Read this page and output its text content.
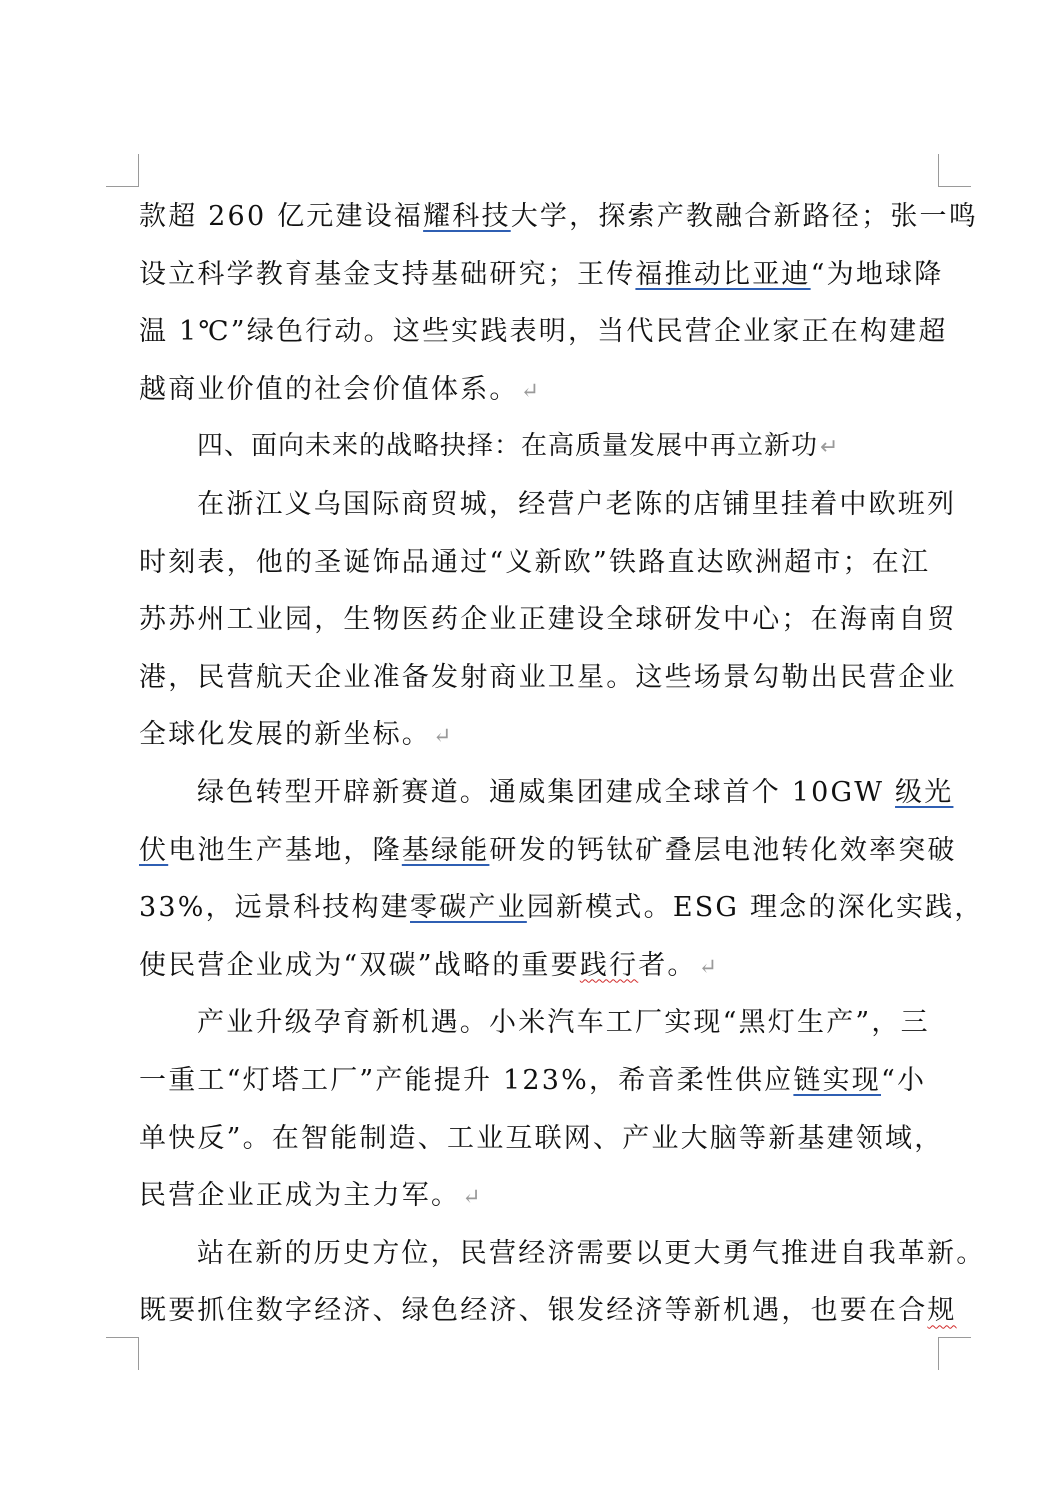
款超 260 亿元建设福耀科技大学，探索产教融合新路径；张一鸣
设立科学教育基金支持基础研究；王传福推动比亚迪“为地球降
温 1℃”绿色行动。这些实践表明，当代民营企业家正在构建超
越商业价值的社会价值体系。↵
四、面向未来的战略抉择：在高质量发展中再立新功↵
在浙江义乌国际商贸城，经营户老陈的店铺里挂着中欧班列
时刻表，他的圣诞饰品通过“义新欧”铁路直达欧洲超市；在江
苏苏州工业园，生物医药企业正建设全球研发中心；在海南自贸
港，民营航天企业准备发射商业卫星。这些场景勾勒出民营企业
全球化发展的新坐标。↵
绿色转型开辟新赛道。通威集团建成全球首个 10GW 级光
伏电池生产基地，隆基绿能研发的钙钛矿叠层电池转化效率突破
33%，远景科技构建零碳产业园新模式。ESG 理念的深化实践，
使民营企业成为“双碳”战略的重要践行者。↵
产业升级孕育新机遇。小米汽车工厂实现“黑灯生产”，三
一重工“灯塔工厂”产能提升 123%，希音柔性供应链实现“小
单快反”。在智能制造、工业互联网、产业大脑等新基建领域，
民营企业正成为主力军。↵
站在新的历史方位，民营经济需要以更大勇气推进自我革新。
既要抓住数字经济、绿色经济、银发经济等新机遇，也要在合规
